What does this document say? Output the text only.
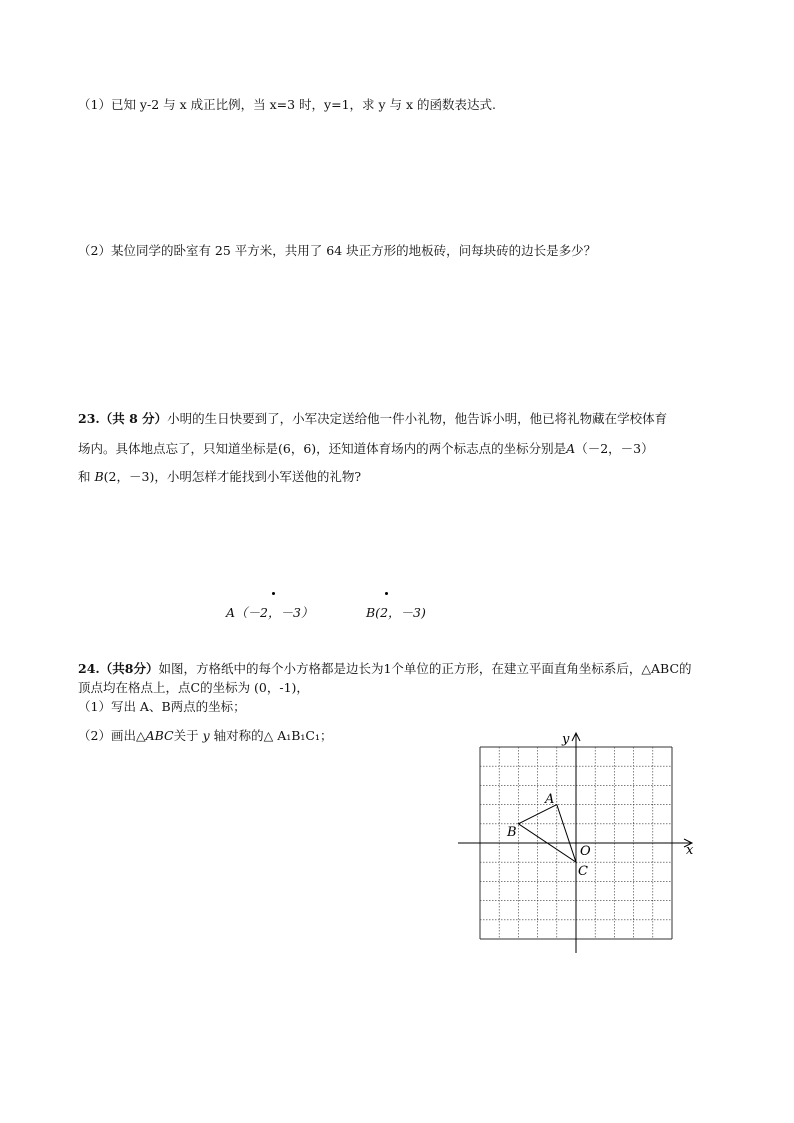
（1）已知 y-2 与 x 成正比例，当 x=3 时，y=1，求 y 与 x 的函数表达式.
（2）某位同学的卧室有 25 平方米，共用了 64 块正方形的地板砖，问每块砖的边长是多少？
23.（共 8 分）小明的生日快要到了，小军决定送给他一件小礼物，他告诉小明，他已将礼物藏在学校体育
场内。具体地点忘了，只知道坐标是(6，6)，还知道体育场内的两个标志点的坐标分别是A（－2，－3）
和 B(2，－3)，小明怎样才能找到小军送他的礼物?
A（－2，－3）	B(2，－3)
24.（共8分）如图，方格纸中的每个小方格都是边长为1个单位的正方形，在建立平面直角坐标系后，△ABC的
顶点均在格点上，点C的坐标为 (0，-1)，
（1）写出 A、B两点的坐标；
（2）画出△ABC关于 y 轴对称的△ A₁B₁C₁；	y
x
O
A
B
C
